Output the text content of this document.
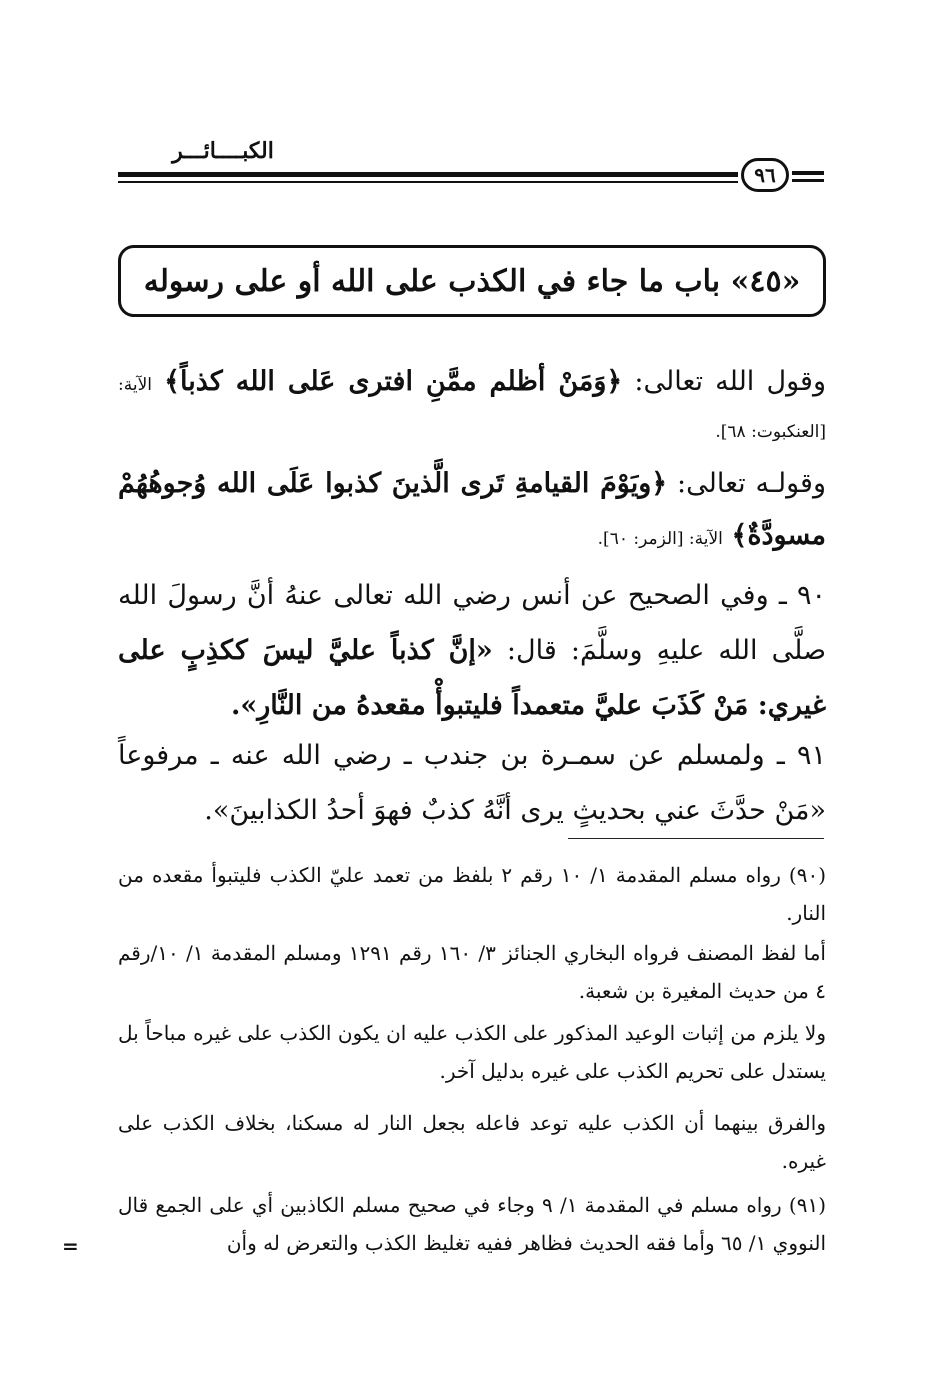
الكبــــائـــر
٩٦
«٤٥» باب ما جاء في الكذب على الله أو على رسوله
وقول الله تعالى: ﴿وَمَنْ أظلم ممَّنِ افترى عَلى الله كذباً﴾ الآية: [العنكبوت: ٦٨].
وقولـه تعالى: ﴿ويَوْمَ القيامةِ تَرى الَّذينَ كذبوا عَلَى الله وُجوهُهُمْ مسودَّةٌ﴾ الآية: [الزمر: ٦٠].
٩٠ ـ وفي الصحيح عن أنس رضي الله تعالى عنهُ أنَّ رسولَ الله صلَّى الله عليهِ وسلَّمَ: قال: «إنَّ كذباً عليَّ ليسَ ككذِبٍ على غيري: مَنْ كَذَبَ عليَّ متعمداً فليتبوأْ مقعدهُ من النَّارِ».
٩١ ـ ولمسلم عن سمـرة بن جندب ـ رضي الله عنه ـ مرفوعاً «مَنْ حدَّثَ عني بحديثٍ يرى أنَّهُ كذبٌ فهوَ أحدُ الكذابينَ».
(٩٠) رواه مسلم المقدمة ١/ ١٠ رقم ٢ بلفظ من تعمد عليّ الكذب فليتبوأ مقعده من النار.
أما لفظ المصنف فرواه البخاري الجنائز ٣/ ١٦٠ رقم ١٢٩١ ومسلم المقدمة ١/ ١٠/رقم ٤ من حديث المغيرة بن شعبة.
ولا يلزم من إثبات الوعيد المذكور على الكذب عليه ان يكون الكذب على غيره مباحاً بل يستدل على تحريم الكذب على غيره بدليل آخر.
والفرق بينهما أن الكذب عليه توعد فاعله بجعل النار له مسكنا، بخلاف الكذب على غيره.
(٩١) رواه مسلم في المقدمة ١/ ٩ وجاء في صحيح مسلم الكاذبين أي على الجمع قال النووي ١/ ٦٥ وأما فقه الحديث فظاهر ففيه تغليظ الكذب والتعرض له وأن
=
